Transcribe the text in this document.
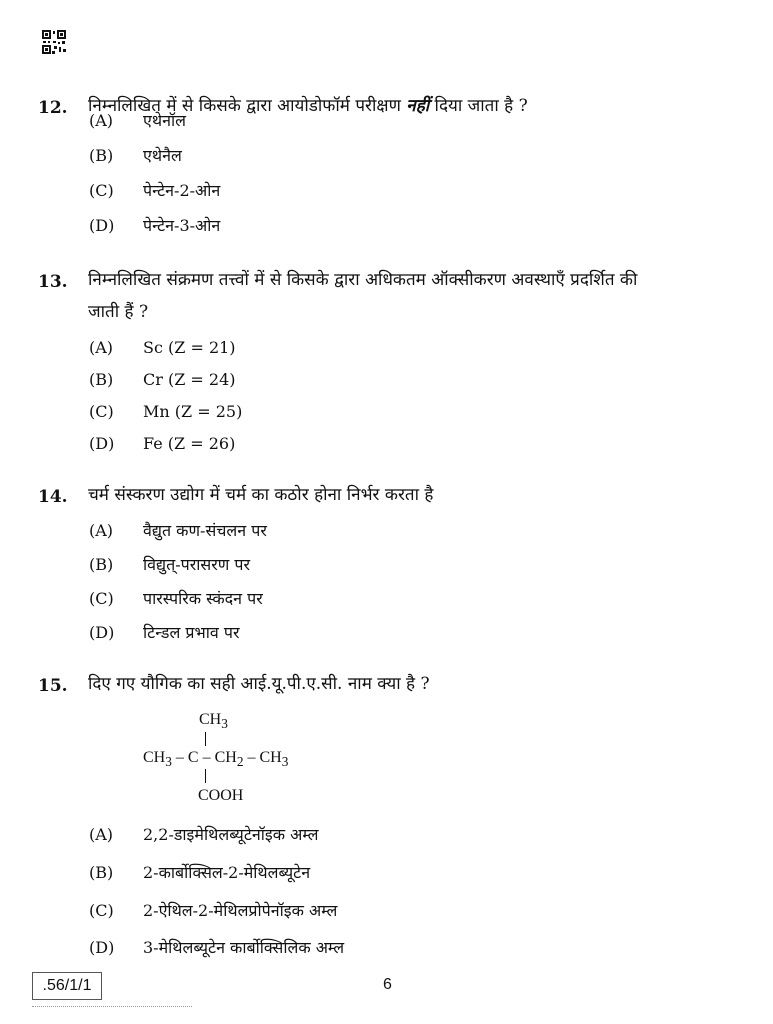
12. निम्नलिखित में से किसके द्वारा आयोडोफॉर्म परीक्षण नहीं दिया जाता है ?
(A) एथेनॉल
(B) एथेनैल
(C) पेन्टेन-2-ओन
(D) पेन्टेन-3-ओन
13. निम्नलिखित संक्रमण तत्त्वों में से किसके द्वारा अधिकतम ऑक्सीकरण अवस्थाएँ प्रदर्शित की
जाती हैं ?
(A) Sc (Z = 21)
(B) Cr (Z = 24)
(C) Mn (Z = 25)
(D) Fe (Z = 26)
14. चर्म संस्करण उद्योग में चर्म का कठोर होना निर्भर करता है
(A) वैद्युत कण-संचलन पर
(B) विद्युत्-परासरण पर
(C) पारस्परिक स्कंदन पर
(D) टिन्डल प्रभाव पर
15. दिए गए यौगिक का सही आई.यू.पी.ए.सी. नाम क्या है ?
$CH_3$
$CH_3$ – C – $CH_2 - CH_3$
COOH
(A) 2,2-डाइमेथिलब्यूटेनॉइक अम्ल
(B) 2-कार्बोक्सिल-2-मेथिलब्यूटेन
(C) 2-ऐथिल-2-मेथिलप्रोपेनॉइक अम्ल
(D) 3-मेथिलब्यूटेन कार्बोक्सिलिक अम्ल
.56/1/1	6
